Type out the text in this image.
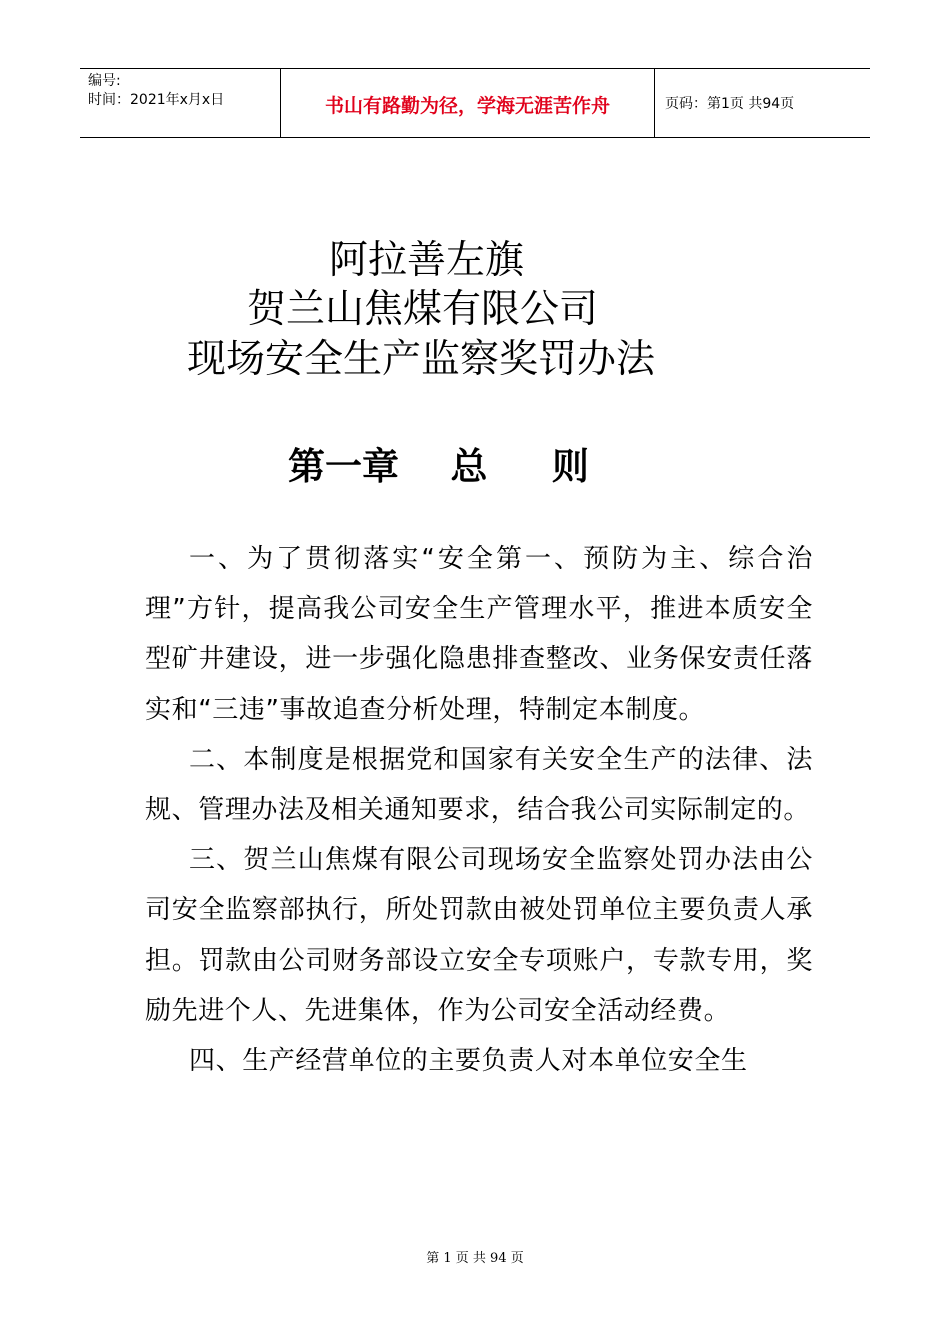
编号:
时间：2021年x月x日	书山有路勤为径，学海无涯苦作舟	页码：第1页 共94页
阿拉善左旗
贺兰山焦煤有限公司
现场安全生产监察奖罚办法
第一章    总     则

一、为了贯彻落实“安全第一、预防为主、综合治理”方针，提高我公司安全生产管理水平，推进本质安全型矿井建设，进一步强化隐患排查整改、业务保安责任落实和“三违”事故追查分析处理，特制定本制度。

二、本制度是根据党和国家有关安全生产的法律、法规、管理办法及相关通知要求，结合我公司实际制定的。

三、贺兰山焦煤有限公司现场安全监察处罚办法由公司安全监察部执行，所处罚款由被处罚单位主要负责人承担。罚款由公司财务部设立安全专项账户，专款专用，奖励先进个人、先进集体，作为公司安全活动经费。

四、生产经营单位的主要负责人对本单位安全生

第 1 页 共 94 页
